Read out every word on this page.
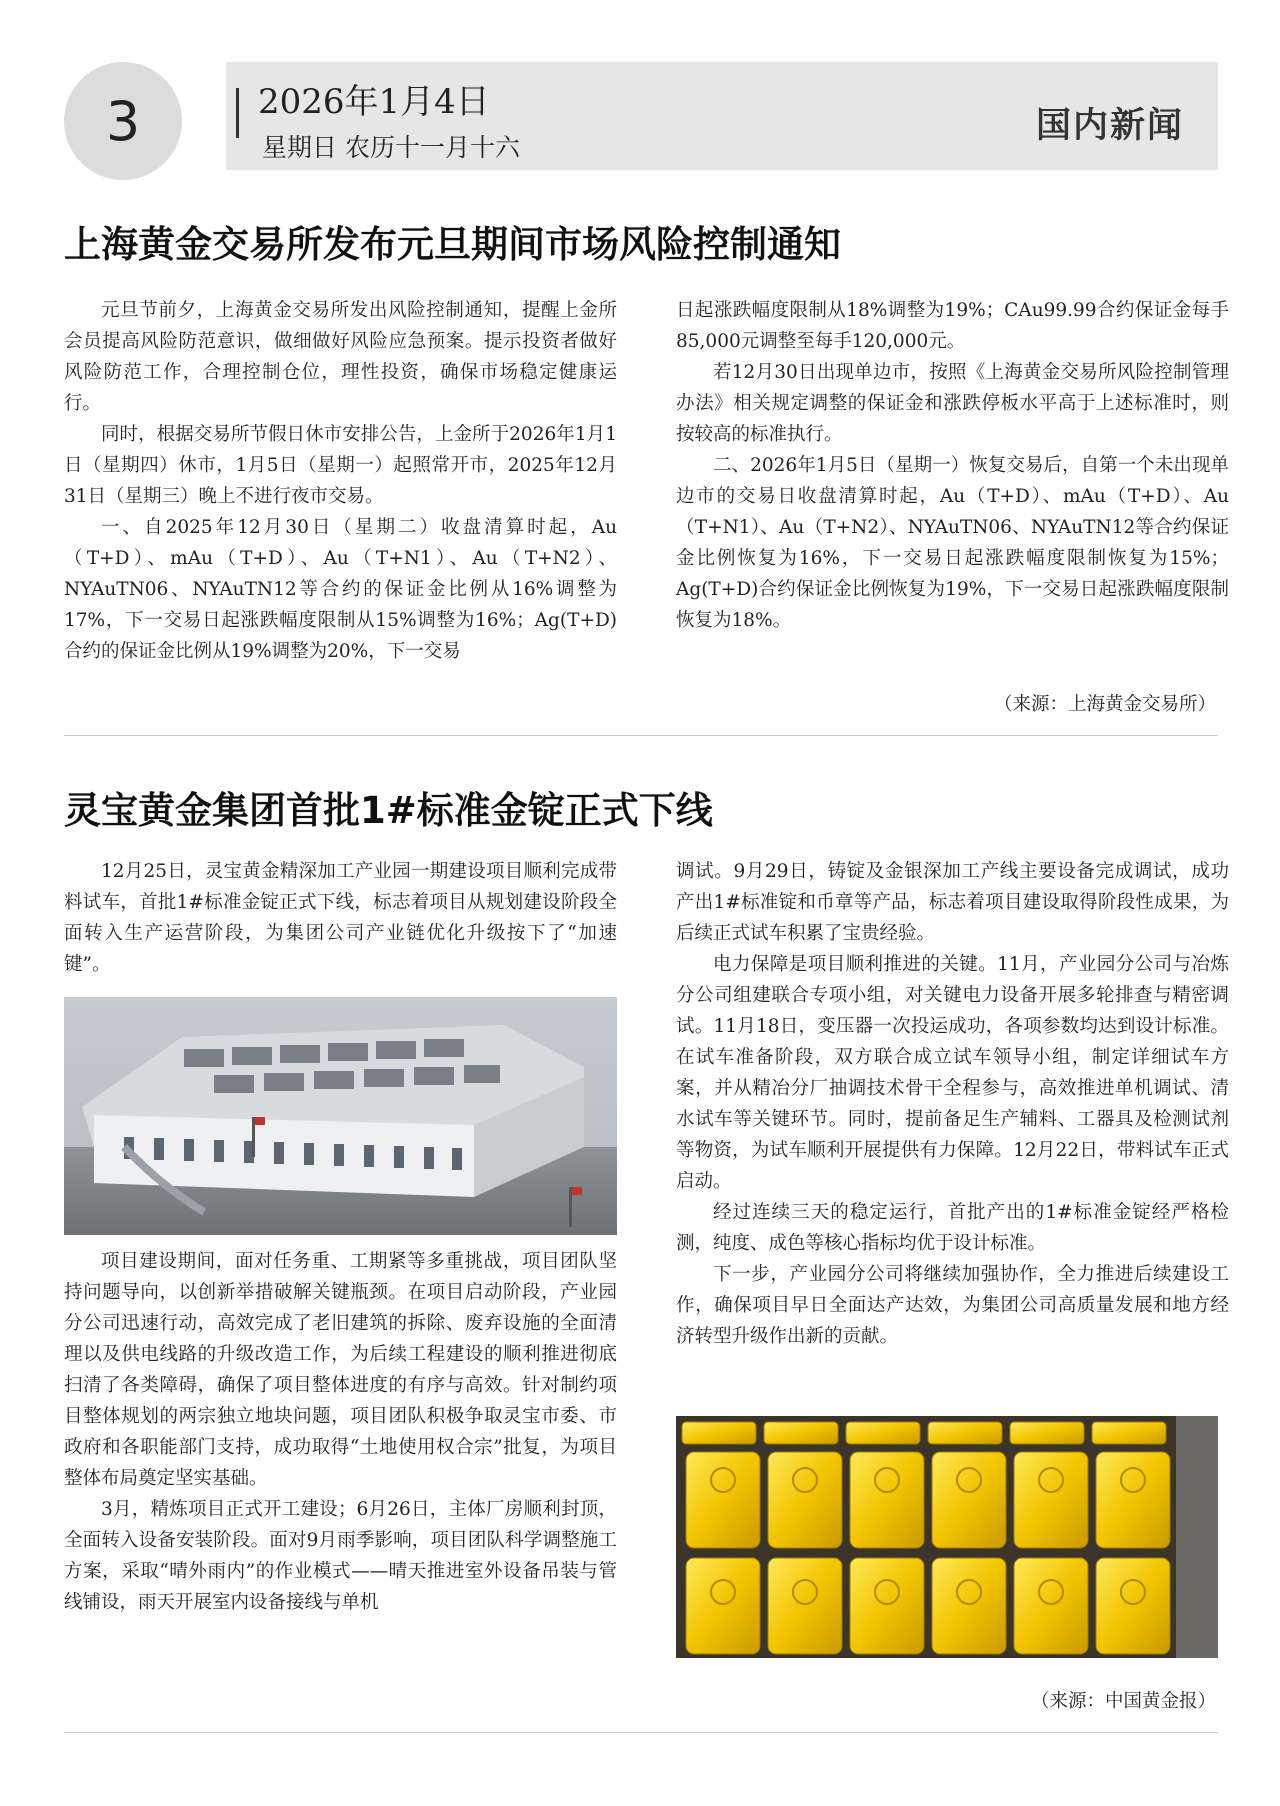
3	2026年1月4日
星期日 农历十一月十六
国内新闻
上海黄金交易所发布元旦期间市场风险控制通知

元旦节前夕，上海黄金交易所发出风险控制通知，提醒上金所会员提高风险防范意识，做细做好风险应急预案。提示投资者做好风险防范工作，合理控制仓位，理性投资，确保市场稳定健康运行。

同时，根据交易所节假日休市安排公告，上金所于2026年1月1日（星期四）休市，1月5日（星期一）起照常开市，2025年12月31日（星期三）晚上不进行夜市交易。

一、自2025年12月30日（星期二）收盘清算时起，Au（T+D）、mAu（T+D）、Au（T+N1）、Au（T+N2）、NYAuTN06、NYAuTN12等合约的保证金比例从16%调整为17%，下一交易日起涨跌幅度限制从15%调整为16%；Ag(T+D)合约的保证金比例从19%调整为20%，下一交易

日起涨跌幅度限制从18%调整为19%；CAu99.99合约保证金每手85,000元调整至每手120,000元。

若12月30日出现单边市，按照《上海黄金交易所风险控制管理办法》相关规定调整的保证金和涨跌停板水平高于上述标准时，则按较高的标准执行。

二、2026年1月5日（星期一）恢复交易后，自第一个未出现单边市的交易日收盘清算时起，Au（T+D）、mAu（T+D）、Au（T+N1）、Au（T+N2）、NYAuTN06、NYAuTN12等合约保证金比例恢复为16%，下一交易日起涨跌幅度限制恢复为15%；Ag(T+D)合约保证金比例恢复为19%，下一交易日起涨跌幅度限制恢复为18%。

（来源：上海黄金交易所）
灵宝黄金集团首批1#标准金锭正式下线

12月25日，灵宝黄金精深加工产业园一期建设项目顺利完成带料试车，首批1#标准金锭正式下线，标志着项目从规划建设阶段全面转入生产运营阶段，为集团公司产业链优化升级按下了“加速键”。

项目建设期间，面对任务重、工期紧等多重挑战，项目团队坚持问题导向，以创新举措破解关键瓶颈。在项目启动阶段，产业园分公司迅速行动，高效完成了老旧建筑的拆除、废弃设施的全面清理以及供电线路的升级改造工作，为后续工程建设的顺利推进彻底扫清了各类障碍，确保了项目整体进度的有序与高效。针对制约项目整体规划的两宗独立地块问题，项目团队积极争取灵宝市委、市政府和各职能部门支持，成功取得“土地使用权合宗”批复，为项目整体布局奠定坚实基础。

3月，精炼项目正式开工建设；6月26日，主体厂房顺利封顶，全面转入设备安装阶段。面对9月雨季影响，项目团队科学调整施工方案，采取“晴外雨内”的作业模式——晴天推进室外设备吊装与管线铺设，雨天开展室内设备接线与单机

调试。9月29日，铸锭及金银深加工产线主要设备完成调试，成功产出1#标准锭和币章等产品，标志着项目建设取得阶段性成果，为后续正式试车积累了宝贵经验。

电力保障是项目顺利推进的关键。11月，产业园分公司与冶炼分公司组建联合专项小组，对关键电力设备开展多轮排查与精密调试。11月18日，变压器一次投运成功，各项参数均达到设计标准。在试车准备阶段，双方联合成立试车领导小组，制定详细试车方案，并从精冶分厂抽调技术骨干全程参与，高效推进单机调试、清水试车等关键环节。同时，提前备足生产辅料、工器具及检测试剂等物资，为试车顺利开展提供有力保障。12月22日，带料试车正式启动。

经过连续三天的稳定运行，首批产出的1#标准金锭经严格检测，纯度、成色等核心指标均优于设计标准。

下一步，产业园分公司将继续加强协作，全力推进后续建设工作，确保项目早日全面达产达效，为集团公司高质量发展和地方经济转型升级作出新的贡献。

（来源：中国黄金报）
